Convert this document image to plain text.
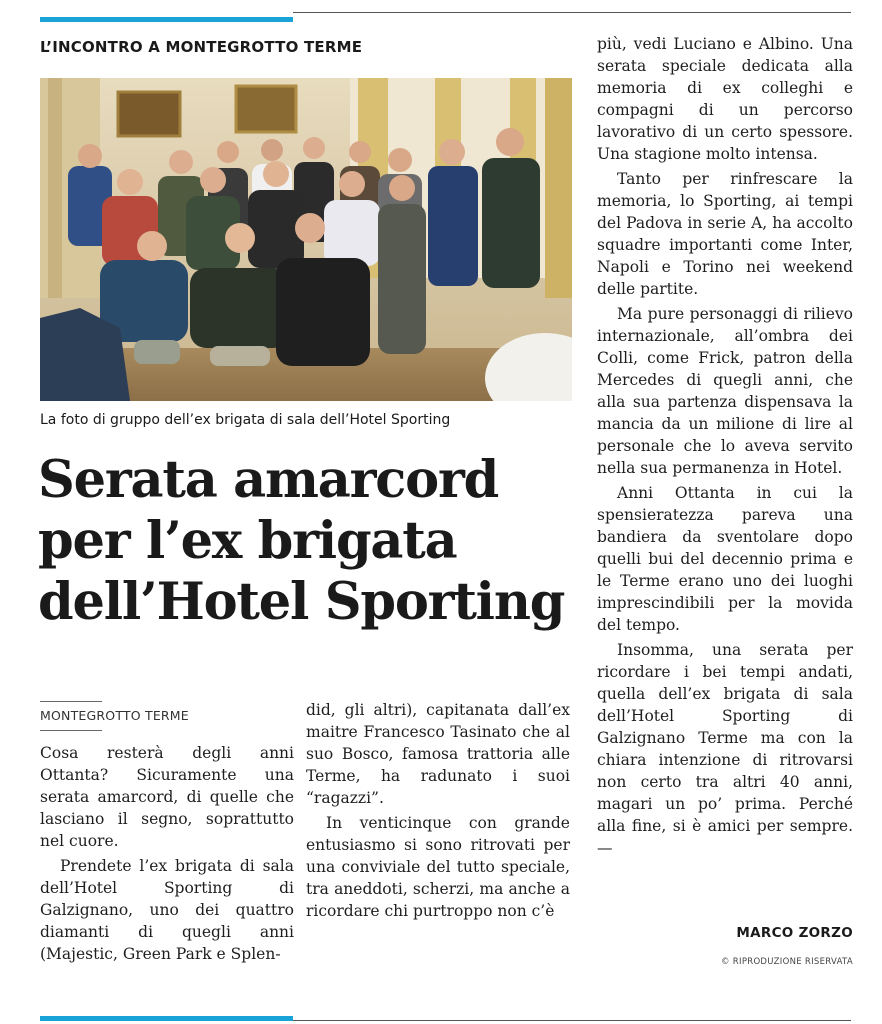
L’INCONTRO A MONTEGROTTO TERME

La foto di gruppo dell’ex brigata di sala dell’Hotel Sporting

Serata amarcord
per l’ex brigata
dell’Hotel Sporting

MONTEGROTTO TERME

Cosa resterà degli anni Ottanta? Sicuramente una serata amarcord, di quelle che lasciano il segno, soprattutto nel cuore.

Prendete l’ex brigata di sala dell’Hotel Sporting di Galzignano, uno dei quattro diamanti di quegli anni (Majestic, Green Park e Splen-

did, gli altri), capitanata dall’ex maitre Francesco Tasinato che al suo Bosco, famosa trattoria alle Terme, ha radunato i suoi “ragazzi”.

In venticinque con grande entusiasmo si sono ritrovati per una conviviale del tutto speciale, tra aneddoti, scherzi, ma anche a ricordare chi purtroppo non c’è

più, vedi Luciano e Albino. Una serata speciale dedicata alla memoria di ex colleghi e compagni di un percorso lavorativo di un certo spessore. Una stagione molto intensa.

Tanto per rinfrescare la memoria, lo Sporting, ai tempi del Padova in serie A, ha accolto squadre importanti come Inter, Napoli e Torino nei weekend delle partite.

Ma pure personaggi di rilievo internazionale, all’ombra dei Colli, come Frick, patron della Mercedes di quegli anni, che alla sua partenza dispensava la mancia da un milione di lire al personale che lo aveva servito nella sua permanenza in Hotel.

Anni Ottanta in cui la spensieratezza pareva una bandiera da sventolare dopo quelli bui del decennio prima e le Terme erano uno dei luoghi imprescindibili per la movida del tempo.

Insomma, una serata per ricordare i bei tempi andati, quella dell’ex brigata di sala dell’Hotel Sporting di Galzignano Terme ma con la chiara intenzione di ritrovarsi non certo tra altri 40 anni, magari un po’ prima. Perché alla fine, si è amici per sempre. —

MARCO ZORZO

© RIPRODUZIONE RISERVATA
